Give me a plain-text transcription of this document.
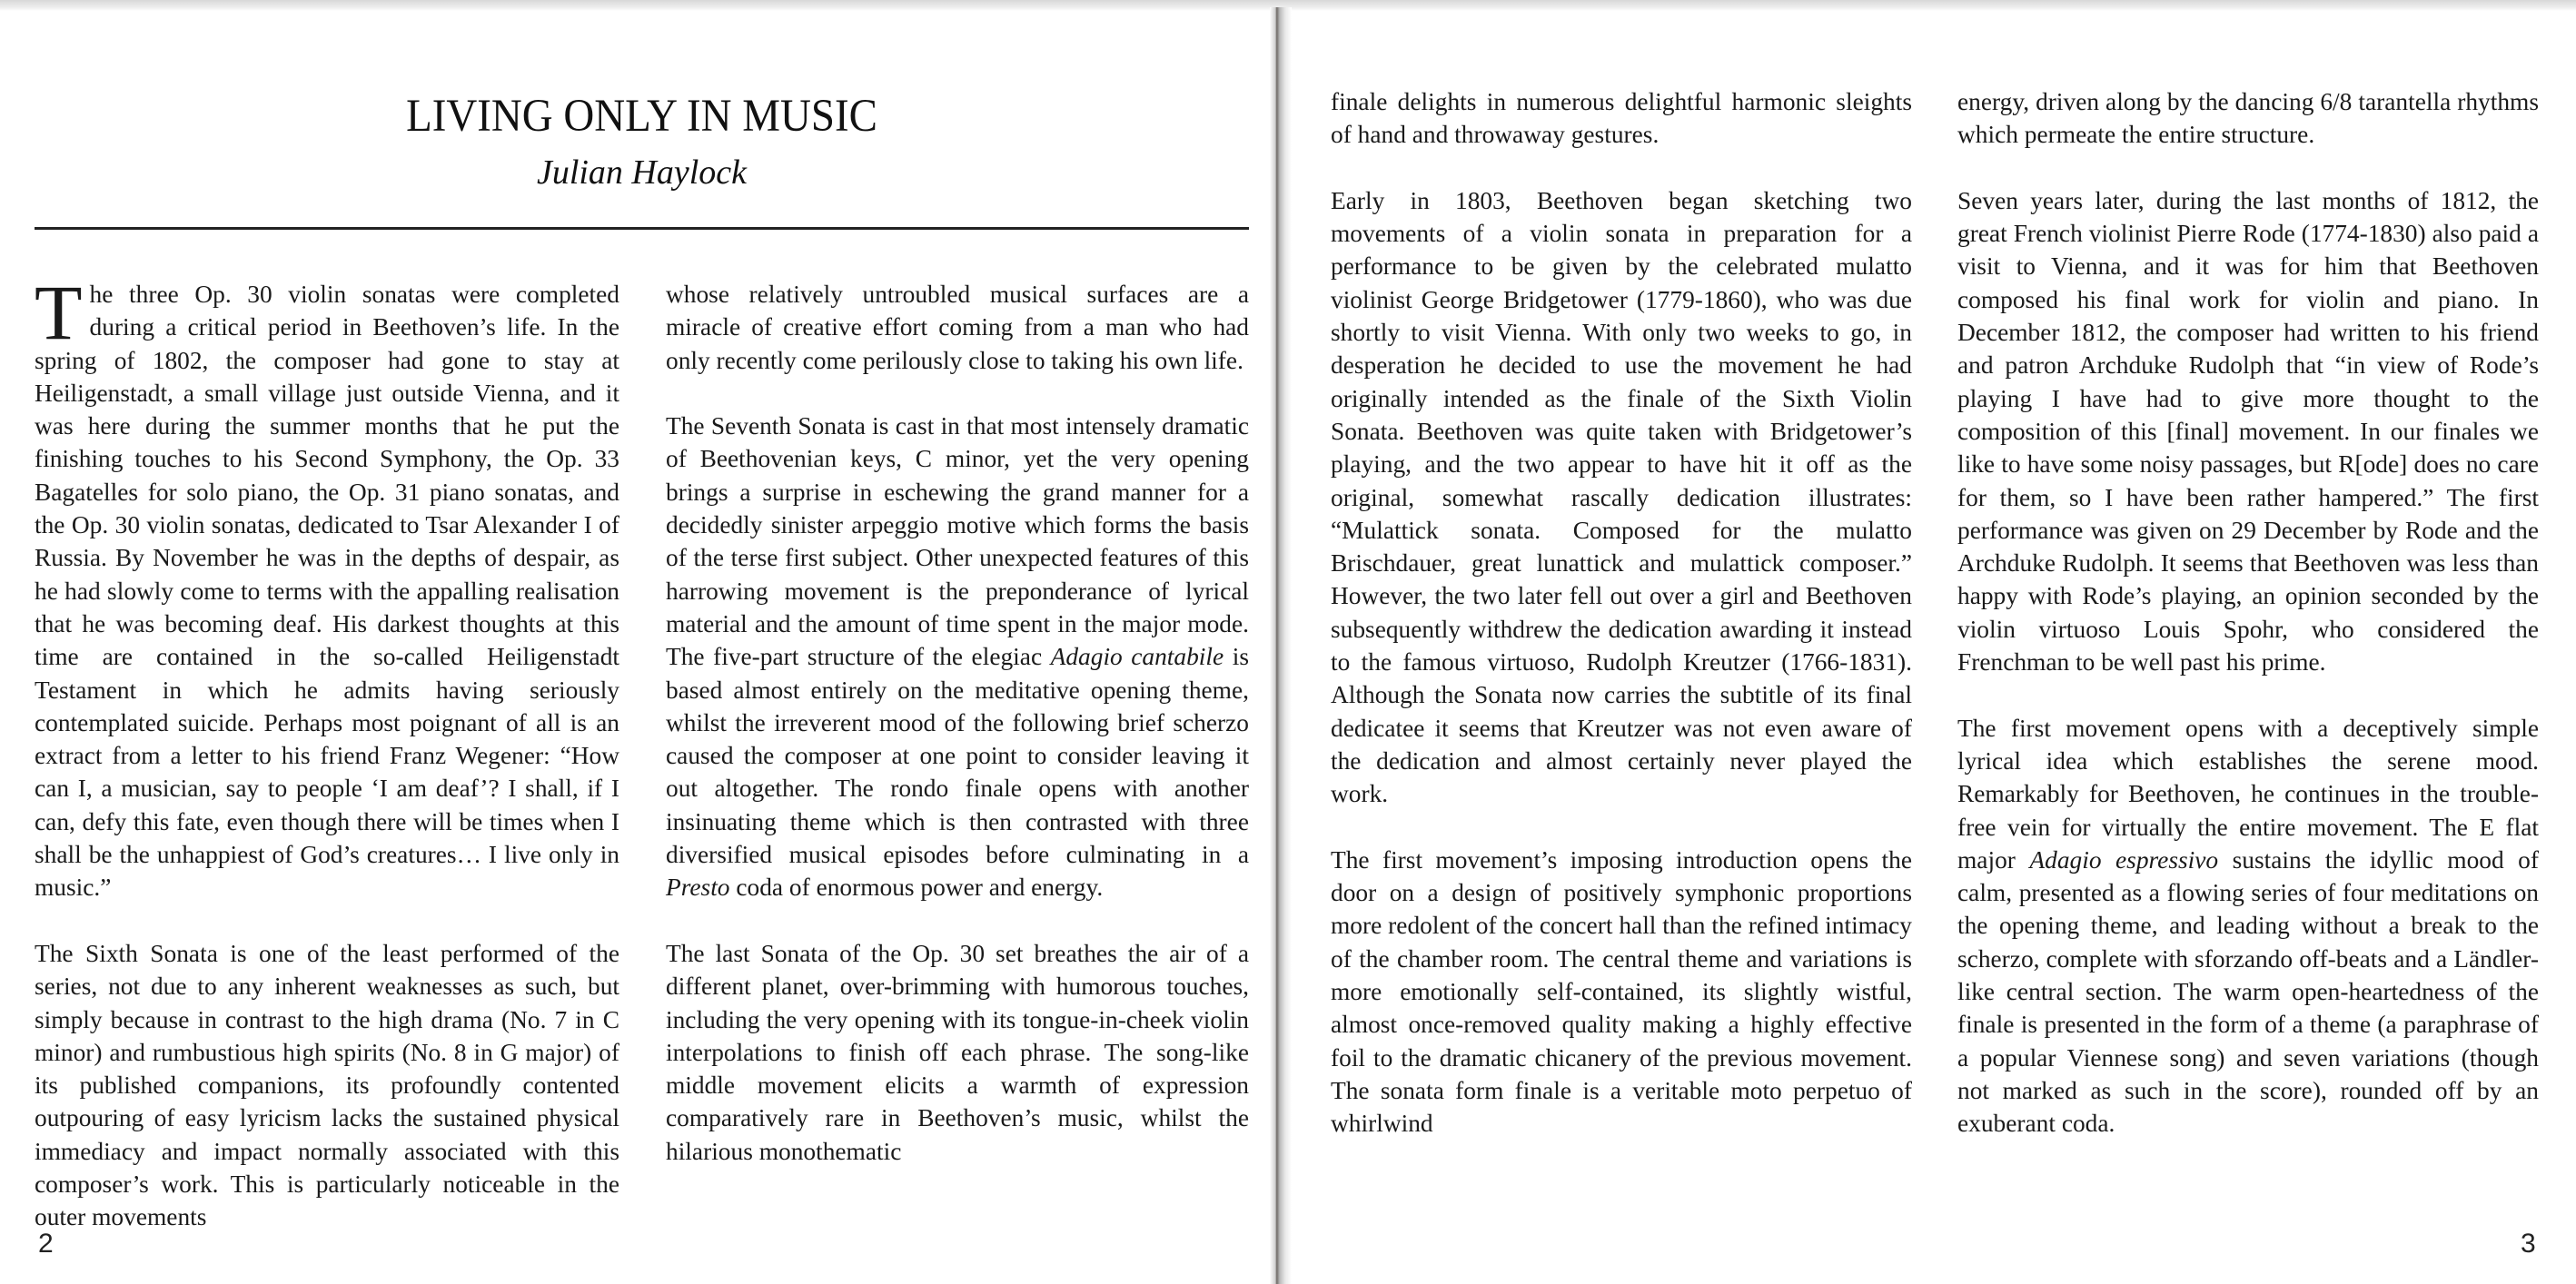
LIVING ONLY IN MUSIC
Julian Haylock

The three Op. 30 violin sonatas were completed during a critical period in Beethoven’s life. In the spring of 1802, the composer had gone to stay at Heiligenstadt, a small village just outside Vienna, and it was here during the summer months that he put the finishing touches to his Second Symphony, the Op. 33 Bagatelles for solo piano, the Op. 31 piano sonatas, and the Op. 30 violin sonatas, dedicated to Tsar Alexander I of Russia. By November he was in the depths of despair, as he had slowly come to terms with the appalling realisation that he was becoming deaf. His darkest thoughts at this time are contained in the so-called Heiligenstadt Testament in which he admits having seriously contemplated suicide. Perhaps most poignant of all is an extract from a letter to his friend Franz Wegener: “How can I, a musician, say to people ‘I am deaf’? I shall, if I can, defy this fate, even though there will be times when I shall be the unhappiest of God’s creatures… I live only in music.”

The Sixth Sonata is one of the least performed of the series, not due to any inherent weaknesses as such, but simply because in contrast to the high drama (No. 7 in C minor) and rumbustious high spirits (No. 8 in G major) of its published companions, its profoundly contented outpouring of easy lyricism lacks the sustained physical immediacy and impact normally associated with this composer’s work. This is particularly noticeable in the outer movements

whose relatively untroubled musical surfaces are a miracle of creative effort coming from a man who had only recently come perilously close to taking his own life.

The Seventh Sonata is cast in that most intensely dramatic of Beethovenian keys, C minor, yet the very opening brings a surprise in eschewing the grand manner for a decidedly sinister arpeggio motive which forms the basis of the terse first subject. Other unexpected features of this harrowing movement is the preponderance of lyrical material and the amount of time spent in the major mode. The five-part structure of the elegiac Adagio cantabile is based almost entirely on the meditative opening theme, whilst the irreverent mood of the following brief scherzo caused the composer at one point to consider leaving it out altogether. The rondo finale opens with another insinuating theme which is then contrasted with three diversified musical episodes before culminating in a Presto coda of enormous power and energy.

The last Sonata of the Op. 30 set breathes the air of a different planet, over-brimming with humorous touches, including the very opening with its tongue-in-cheek violin interpolations to finish off each phrase. The song-like middle movement elicits a warmth of expression comparatively rare in Beethoven’s music, whilst the hilarious monothematic

2

finale delights in numerous delightful harmonic sleights of hand and throwaway gestures.

Early in 1803, Beethoven began sketching two movements of a violin sonata in preparation for a performance to be given by the celebrated mulatto violinist George Bridgetower (1779-1860), who was due shortly to visit Vienna. With only two weeks to go, in desperation he decided to use the movement he had originally intended as the finale of the Sixth Violin Sonata. Beethoven was quite taken with Bridgetower’s playing, and the two appear to have hit it off as the original, somewhat rascally dedication illustrates: “Mulattick sonata. Composed for the mulatto Brischdauer, great lunattick and mulattick composer.” However, the two later fell out over a girl and Beethoven subsequently withdrew the dedication awarding it instead to the famous virtuoso, Rudolph Kreutzer (1766-1831). Although the Sonata now carries the subtitle of its final dedicatee it seems that Kreutzer was not even aware of the dedication and almost certainly never played the work.

The first movement’s imposing introduction opens the door on a design of positively symphonic proportions more redolent of the concert hall than the refined intimacy of the chamber room. The central theme and variations is more emotionally self-contained, its slightly wistful, almost once-removed quality making a highly effective foil to the dramatic chicanery of the previous movement. The sonata form finale is a veritable moto perpetuo of whirlwind

energy, driven along by the dancing 6/8 tarantella rhythms which permeate the entire structure.

Seven years later, during the last months of 1812, the great French violinist Pierre Rode (1774-1830) also paid a visit to Vienna, and it was for him that Beethoven composed his final work for violin and piano. In December 1812, the composer had written to his friend and patron Archduke Rudolph that “in view of Rode’s playing I have had to give more thought to the composition of this [final] movement. In our finales we like to have some noisy passages, but R[ode] does no care for them, so I have been rather hampered.” The first performance was given on 29 December by Rode and the Archduke Rudolph. It seems that Beethoven was less than happy with Rode’s playing, an opinion seconded by the violin virtuoso Louis Spohr, who considered the Frenchman to be well past his prime.

The first movement opens with a deceptively simple lyrical idea which establishes the serene mood. Remarkably for Beethoven, he continues in the trouble-free vein for virtually the entire movement. The E flat major Adagio espressivo sustains the idyllic mood of calm, presented as a flowing series of four meditations on the opening theme, and leading without a break to the scherzo, complete with sforzando off-beats and a Ländler-like central section. The warm open-heartedness of the finale is presented in the form of a theme (a paraphrase of a popular Viennese song) and seven variations (though not marked as such in the score), rounded off by an exuberant coda.

3
